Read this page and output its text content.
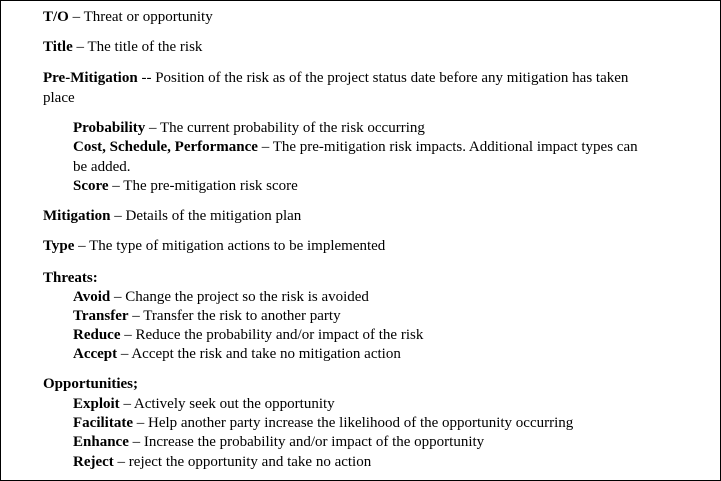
T/O – Threat or opportunity
Title – The title of the risk
Pre-Mitigation -- Position of the risk as of the project status date before any mitigation has taken
place
Probability – The current probability of the risk occurring
Cost, Schedule, Performance – The pre-mitigation risk impacts. Additional impact types can
be added.
Score – The pre-mitigation risk score
Mitigation – Details of the mitigation plan
Type – The type of mitigation actions to be implemented
Threats:
Avoid – Change the project so the risk is avoided
Transfer – Transfer the risk to another party
Reduce – Reduce the probability and/or impact of the risk
Accept – Accept the risk and take no mitigation action
Opportunities;
Exploit – Actively seek out the opportunity
Facilitate – Help another party increase the likelihood of the opportunity occurring
Enhance – Increase the probability and/or impact of the opportunity
Reject – reject the opportunity and take no action
